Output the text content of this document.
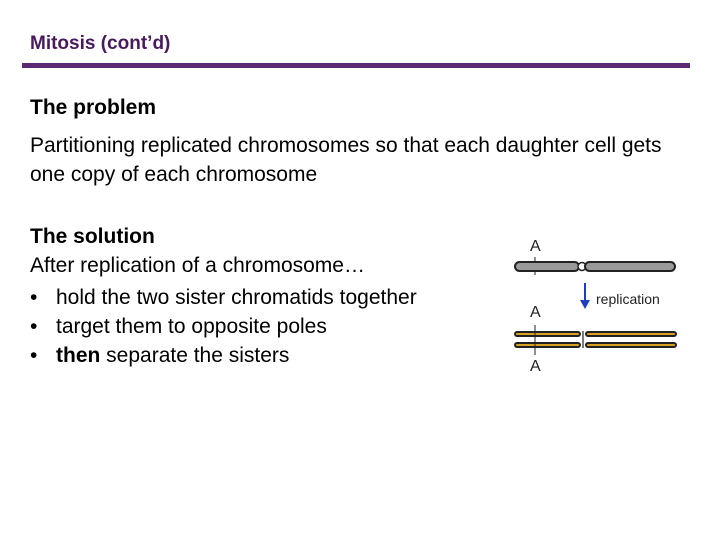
Mitosis (cont’d)
The problem
Partitioning replicated chromosomes so that each daughter cell gets one copy of each chromosome
The solution
After replication of a chromosome…
• hold the two sister chromatids together
• target them to opposite poles
• then separate the sisters
A
replication
A
A
